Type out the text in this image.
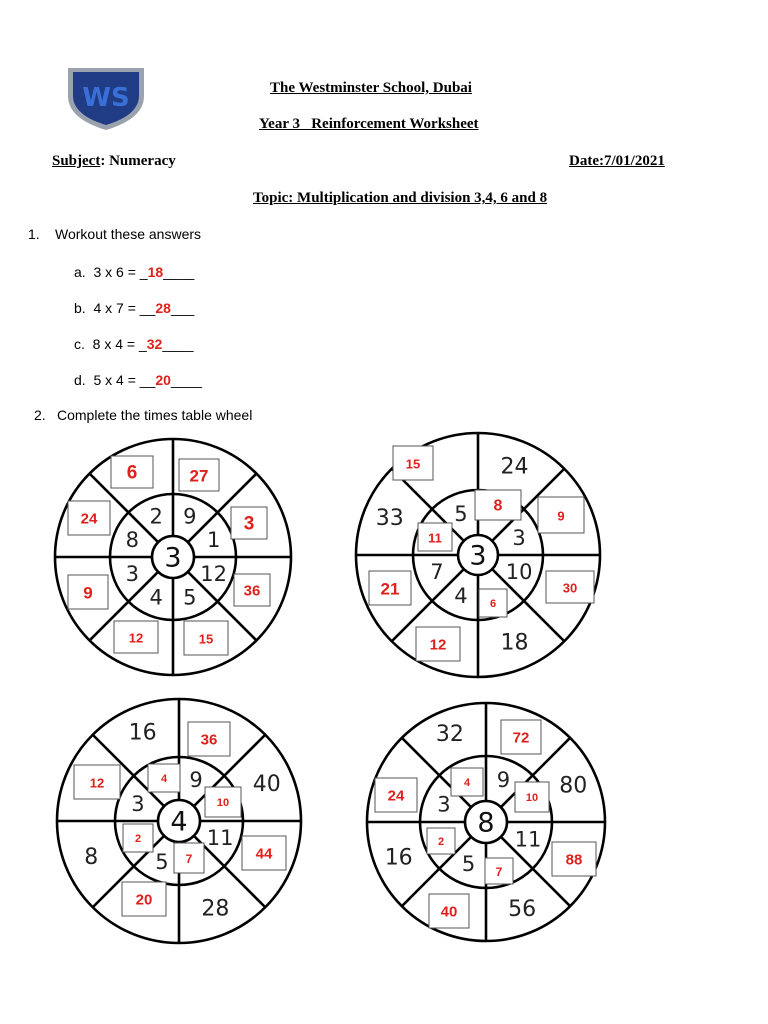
WS	The Westminster School, Dubai
Year 3   Reinforcement Worksheet
Subject: Numeracy	Date:7/01/2021
Topic: Multiplication and division 3,4, 6 and 8
1. Workout these answers
a. 3 x 6 = _18____
b. 4 x 7 = __28___
c. 8 x 4 = _32____
d. 5 x 4 = __20____
2. Complete the times table wheel
3
9
1
12
5
4
3
8
2
27
3
36
15
12
9
24
6
3
24
3
10
18
4
7
33 5 8
9
30
6
12
21
11
15
4
9 40
11
28
5
8
3
16	36
10
44
7
20
2
12	4
8
9 80
11
56
5
16
3
32	72
10
88
7
40
2
24
4
